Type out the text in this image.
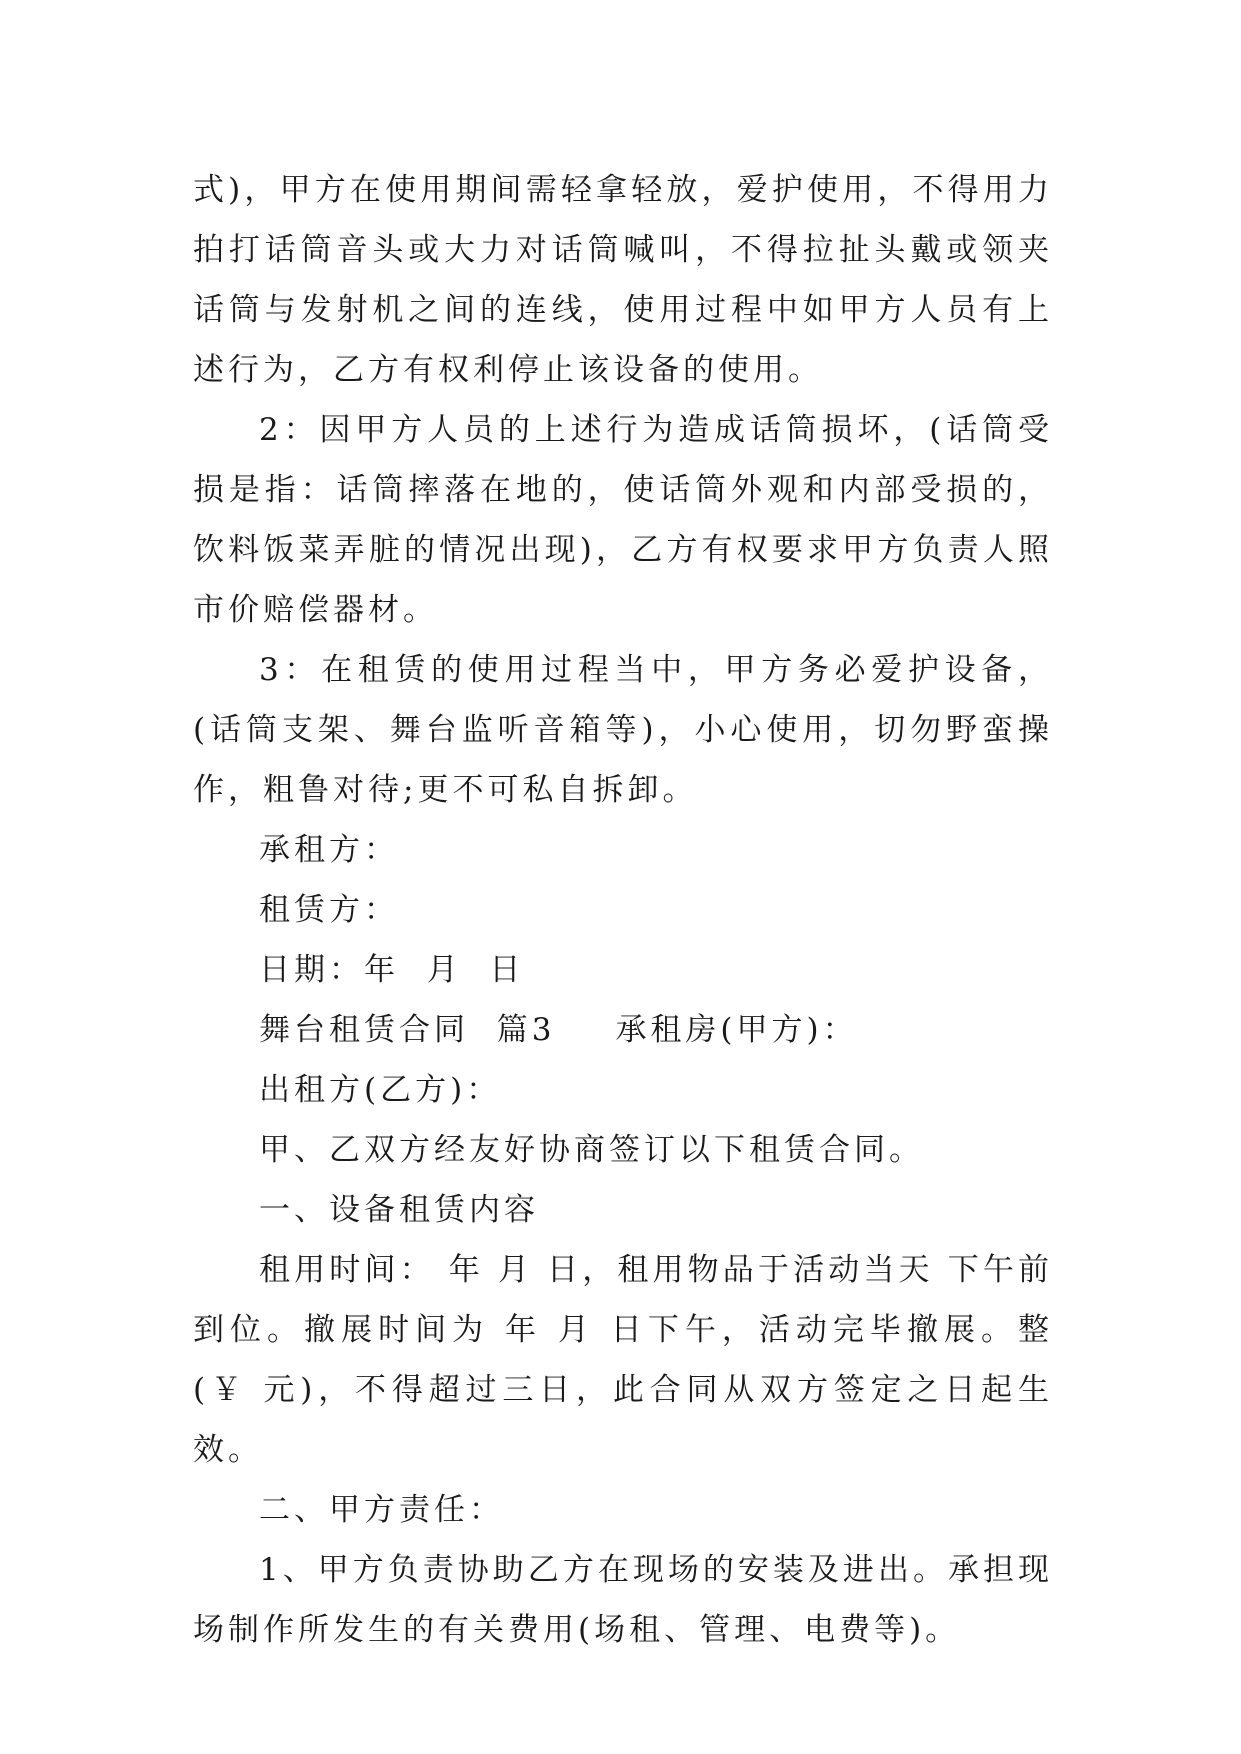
式)，甲方在使用期间需轻拿轻放，爱护使用，不得用力拍打话筒音头或大力对话筒喊叫，不得拉扯头戴或领夹话筒与发射机之间的连线，使用过程中如甲方人员有上述行为，乙方有权利停止该设备的使用。

2：因甲方人员的上述行为造成话筒损坏，(话筒受损是指：话筒摔落在地的，使话筒外观和内部受损的，饮料饭菜弄脏的情况出现)，乙方有权要求甲方负责人照市价赔偿器材。

3：在租赁的使用过程当中，甲方务必爱护设备，(话筒支架、舞台监听音箱等)，小心使用，切勿野蛮操作，粗鲁对待;更不可私自拆卸。

承租方：

租赁方：

日期：年  月  日

舞台租赁合同  篇3 承租房(甲方)：

出租方(乙方)：

甲、乙双方经友好协商签订以下租赁合同。

一、设备租赁内容

租用时间： 年 月 日，租用物品于活动当天 下午前到位。撤展时间为 年 月 日下午，活动完毕撤展。整(￥ 元)，不得超过三日，此合同从双方签定之日起生效。

二、甲方责任：

1、甲方负责协助乙方在现场的安装及进出。承担现场制作所发生的有关费用(场租、管理、电费等)。
